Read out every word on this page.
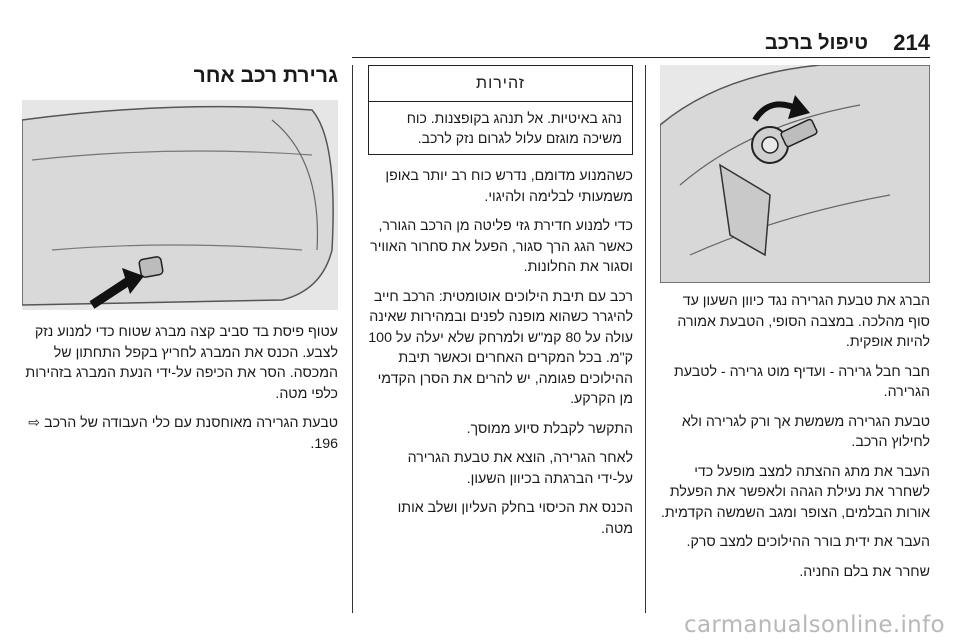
214
טיפול ברכב

הברג את טבעת הגרירה נגד כיוון השעון עד סוף מהלכה. במצבה הסופי, הטבעת אמורה להיות אופקית.

חבר חבל גרירה - ועדיף מוט גרירה - לטבעת הגרירה.

טבעת הגרירה משמשת אך ורק לגרירה ולא לחילוץ הרכב.

העבר את מתג ההצתה למצב מופעל כדי לשחרר את נעילת הגהה ולאפשר את הפעלת אורות הבלמים, הצופר ומגב השמשה הקדמית.

העבר את ידית בורר ההילוכים למצב סרק.

שחרר את בלם החניה.

זהירות
נהג באיטיות. אל תנהג בקופצנות. כוח משיכה מוגזם עלול לגרום נזק לרכב.

כשהמנוע מדומם, נדרש כוח רב יותר באופן משמעותי לבלימה ולהיגוי.

כדי למנוע חדירת גזי פליטה מן הרכב הגורר, כאשר הגג הרך סגור, הפעל את סחרור האוויר וסגור את החלונות.

רכב עם תיבת הילוכים אוטומטית: הרכב חייב להיגרר כשהוא מופנה לפנים ובמהירות שאינה עולה על 80 קמ"ש ולמרחק שלא יעלה על 100 ק"מ. בכל המקרים האחרים וכאשר תיבת ההילוכים פגומה, יש להרים את הסרן הקדמי מן הקרקע.

התקשר לקבלת סיוע ממוסך.

לאחר הגרירה, הוצא את טבעת הגרירה על-ידי הברגתה בכיוון השעון.

הכנס את הכיסוי בחלק העליון ושלב אותו מטה.

גרירת רכב אחר

עטוף פיסת בד סביב קצה מברג שטוח כדי למנוע נזק לצבע. הכנס את המברג לחריץ בקפל התחתון של המכסה. הסר את הכיפה על-ידי הנעת המברג בזהירות כלפי מטה.

טבעת הגרירה מאוחסנת עם כלי העבודה של הרכב ⇨ 196.

carmanualsonline.info
